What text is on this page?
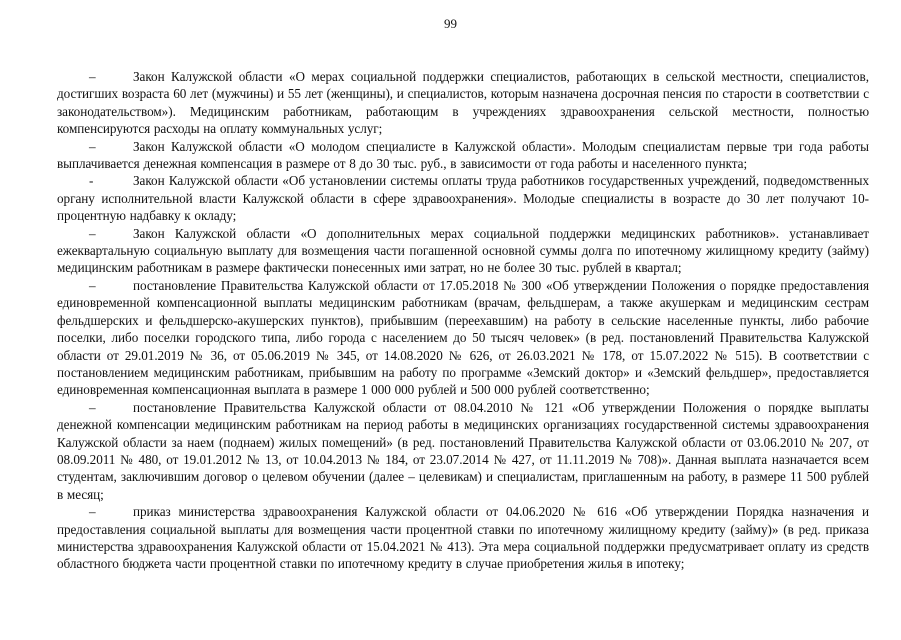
99

–	Закон Калужской области «О мерах социальной поддержки специалистов, работающих в сельской местности, специалистов, достигших возраста 60 лет (мужчины) и 55 лет (женщины), и специалистов, которым назначена досрочная пенсия по старости в соответствии с законодательством»). Медицинским работникам, работающим в учреждениях здравоохранения сельской местности, полностью компенсируются расходы на оплату коммунальных услуг;

–	Закон Калужской области «О молодом специалисте в Калужской области». Молодым специалистам первые три года работы выплачивается денежная компенсация в размере от 8 до 30 тыс. руб., в зависимости от года работы и населенного пункта;

-	Закон Калужской области «Об установлении системы оплаты труда работников государственных учреждений, подведомственных органу исполнительной власти Калужской области в сфере здравоохранения». Молодые специалисты в возрасте до 30 лет получают 10-процентную надбавку к окладу;

–	Закон Калужской области «О дополнительных мерах социальной поддержки медицинских работников». устанавливает ежеквартальную социальную выплату для возмещения части погашенной основной суммы долга по ипотечному жилищному кредиту (займу) медицинским работникам в размере фактически понесенных ими затрат, но не более 30 тыс. рублей в квартал;

–	постановление Правительства Калужской области от 17.05.2018 № 300 «Об утверждении Положения о порядке предоставления единовременной компенсационной выплаты медицинским работникам (врачам, фельдшерам, а также акушеркам и медицинским сестрам фельдшерских и фельдшерско-акушерских пунктов), прибывшим (переехавшим) на работу в сельские населенные пункты, либо рабочие поселки, либо поселки городского типа, либо города с населением до 50 тысяч человек» (в ред. постановлений Правительства Калужской области от 29.01.2019 № 36, от 05.06.2019 № 345, от 14.08.2020 № 626, от 26.03.2021 № 178, от 15.07.2022 № 515). В соответствии с постановлением медицинским работникам, прибывшим на работу по программе «Земский доктор» и «Земский фельдшер», предоставляется единовременная компенсационная выплата в размере 1 000 000 рублей и 500 000 рублей соответственно;

–	постановление Правительства Калужской области от 08.04.2010 № 121 «Об утверждении Положения о порядке выплаты денежной компенсации медицинским работникам на период работы в медицинских организациях государственной системы здравоохранения Калужской области за наем (поднаем) жилых помещений» (в ред. постановлений Правительства Калужской области от 03.06.2010 № 207, от 08.09.2011 № 480, от 19.01.2012 № 13, от 10.04.2013 № 184, от 23.07.2014 № 427, от 11.11.2019 № 708)». Данная выплата назначается всем студентам, заключившим договор о целевом обучении (далее – целевикам) и специалистам, приглашенным на работу, в размере 11 500 рублей в месяц;

–	приказ министерства здравоохранения Калужской области от 04.06.2020 № 616 «Об утверждении Порядка назначения и предоставления социальной выплаты для возмещения части процентной ставки по ипотечному жилищному кредиту (займу)» (в ред. приказа министерства здравоохранения Калужской области от 15.04.2021 № 413). Эта мера социальной поддержки предусматривает оплату из средств областного бюджета части процентной ставки по ипотечному кредиту в случае приобретения жилья в ипотеку;
